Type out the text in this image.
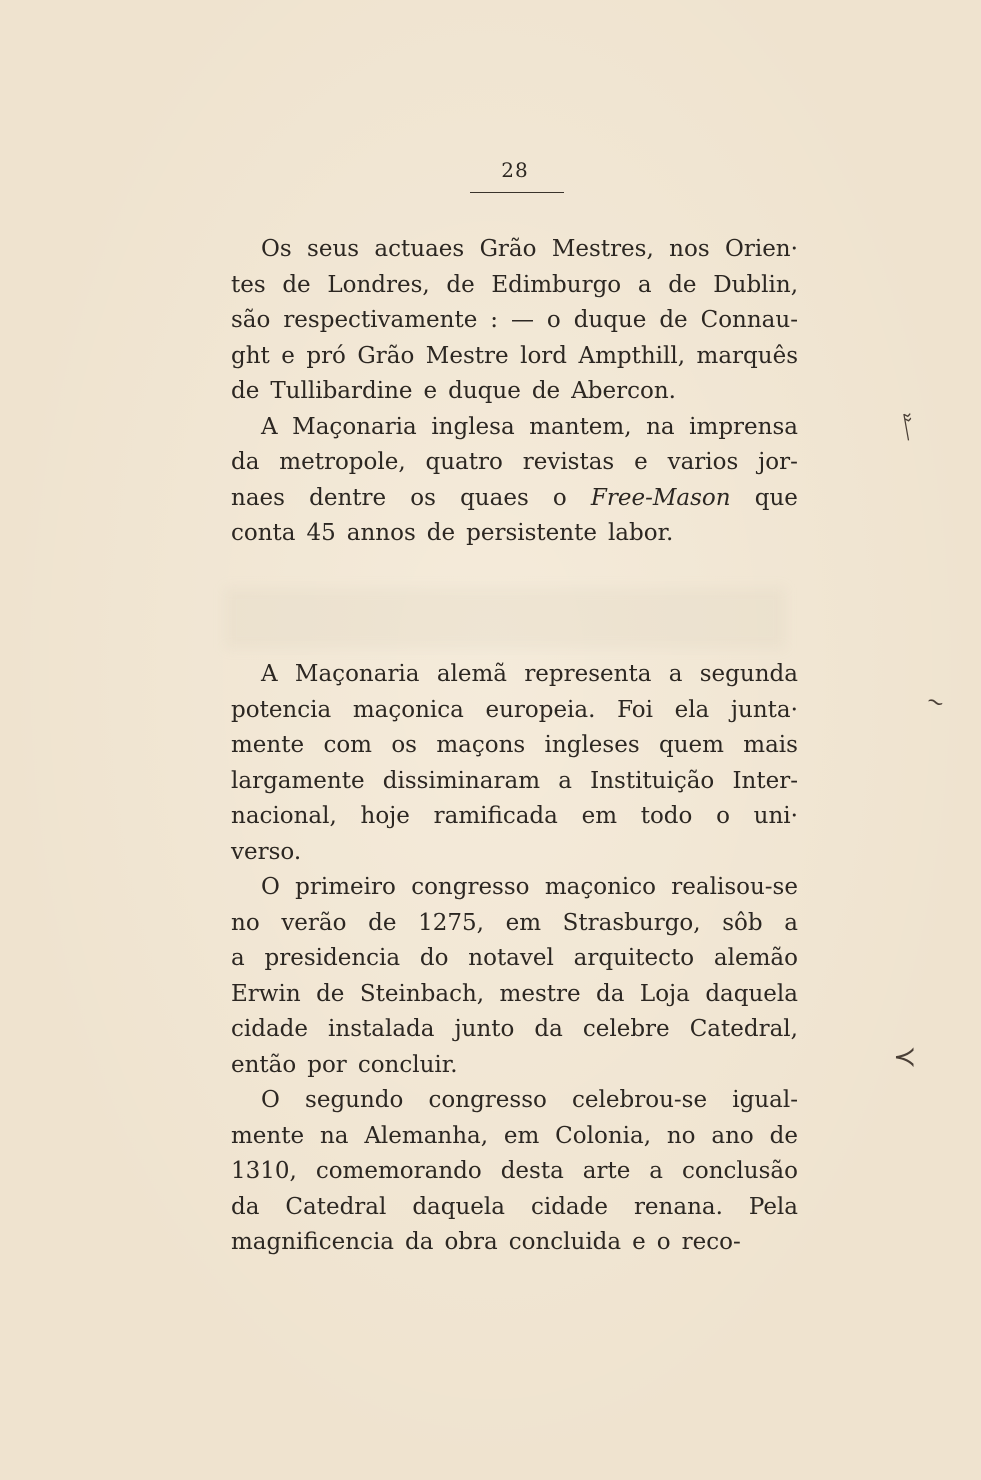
28
Os seus actuaes Grão Mestres, nos Orien·
tes de Londres, de Edimburgo a de Dublin,
são respectivamente : — o duque de Connau-
ght e pró Grão Mestre lord Ampthill, marquês
de Tullibardine e duque de Abercon.
A Maçonaria inglesa mantem, na imprensa
da metropole, quatro revistas e varios jor-
naes dentre os quaes o Free-Mason que
conta 45 annos de persistente labor.
A Maçonaria alemã representa a segunda
potencia maçonica europeia. Foi ela junta·
mente com os maçons ingleses quem mais
largamente dissiminaram a Instituição Inter-
nacional, hoje ramificada em todo o uni·
verso.
O primeiro congresso maçonico realisou-se
no verão de 1275, em Strasburgo, sôb a
a presidencia do notavel arquitecto alemão
Erwin de Steinbach, mestre da Loja daquela
cidade instalada junto da celebre Catedral,
então por concluir.
O segundo congresso celebrou-se igual-
mente na Alemanha, em Colonia, no ano de
1310, comemorando desta arte a conclusão
da Catedral daquela cidade renana. Pela
magnificencia da obra concluida e o reco-
ᚩ
~
≺
